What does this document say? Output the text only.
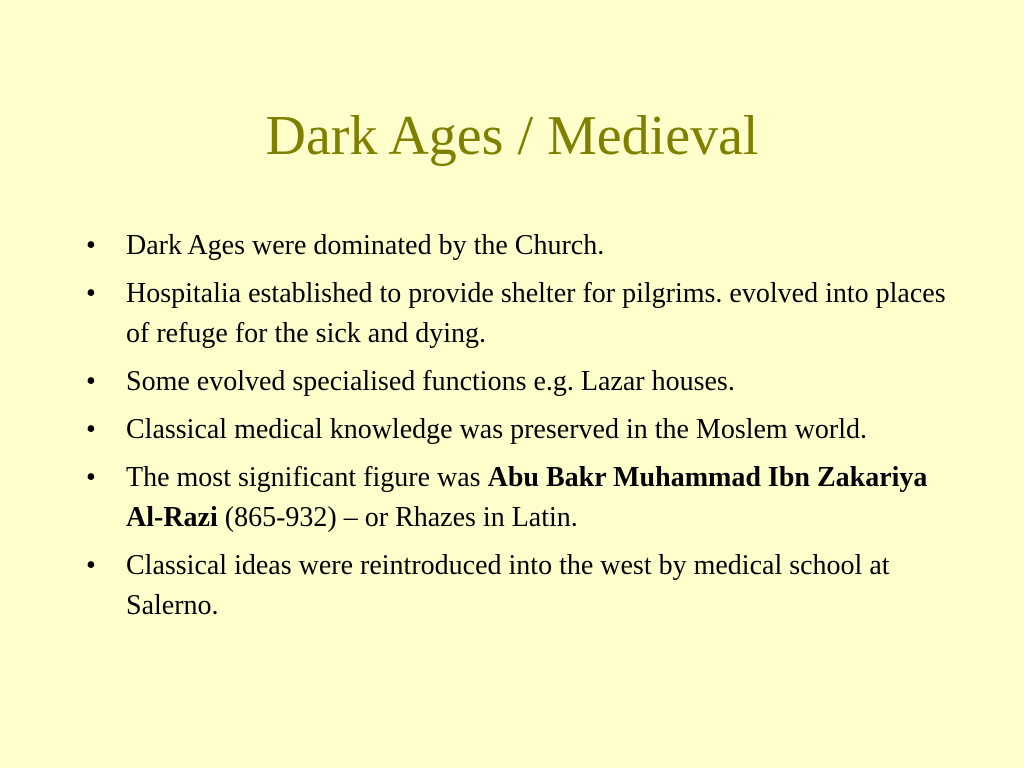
Dark Ages / Medieval
• Dark Ages were dominated by the Church.
• Hospitalia established to provide shelter for pilgrims. evolved into places of refuge for the sick and dying.
• Some evolved specialised functions e.g. Lazar houses.
• Classical medical knowledge was preserved in the Moslem world.
• The most significant figure was Abu Bakr Muhammad Ibn Zakariya Al-Razi (865-932) – or Rhazes in Latin.
• Classical ideas were reintroduced into the west by medical school at Salerno.
